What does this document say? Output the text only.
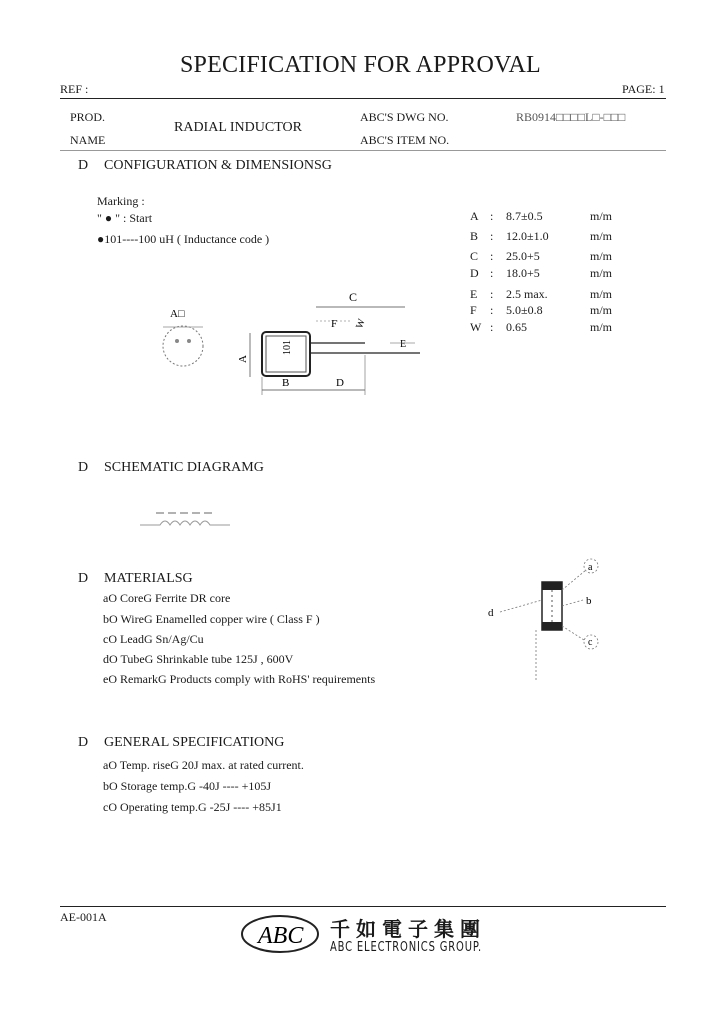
SPECIFICATION FOR APPROVAL
REF :	PAGE: 1
PROD.
NAME
RADIAL INDUCTOR
ABC'S DWG NO.	RB0914□□□□L□-□□□
ABC'S ITEM NO.
D CONFIGURATION & DIMENSIONSG
Marking :
" ● " : Start
●101----100 uH ( Inductance code )
A : 8.7±0.5	m/m
B : 12.0±1.0	m/m
C : 25.0+5	m/m
D : 18.0+5	m/m
E : 2.5 max.	m/m
F : 5.0±0.8	m/m
W : 0.65	m/m
A□
A
101
C
F W
E
B	D
D SCHEMATIC DIAGRAMG
D MATERIALSG
aO CoreG Ferrite DR core
bO WireG Enamelled copper wire ( Class F )
cO LeadG Sn/Ag/Cu
dO TubeG Shrinkable tube 125J , 600V
eO RemarkG Products comply with RoHS' requirements
a
b
c
d
D GENERAL SPECIFICATIONG
aO Temp. riseG 20J max. at rated current.
bO Storage temp.G -40J ---- +105J
cO Operating temp.G -25J ---- +85J1
AE-001A
ABC 千如電子集團
ABC ELECTRONICS GROUP.
